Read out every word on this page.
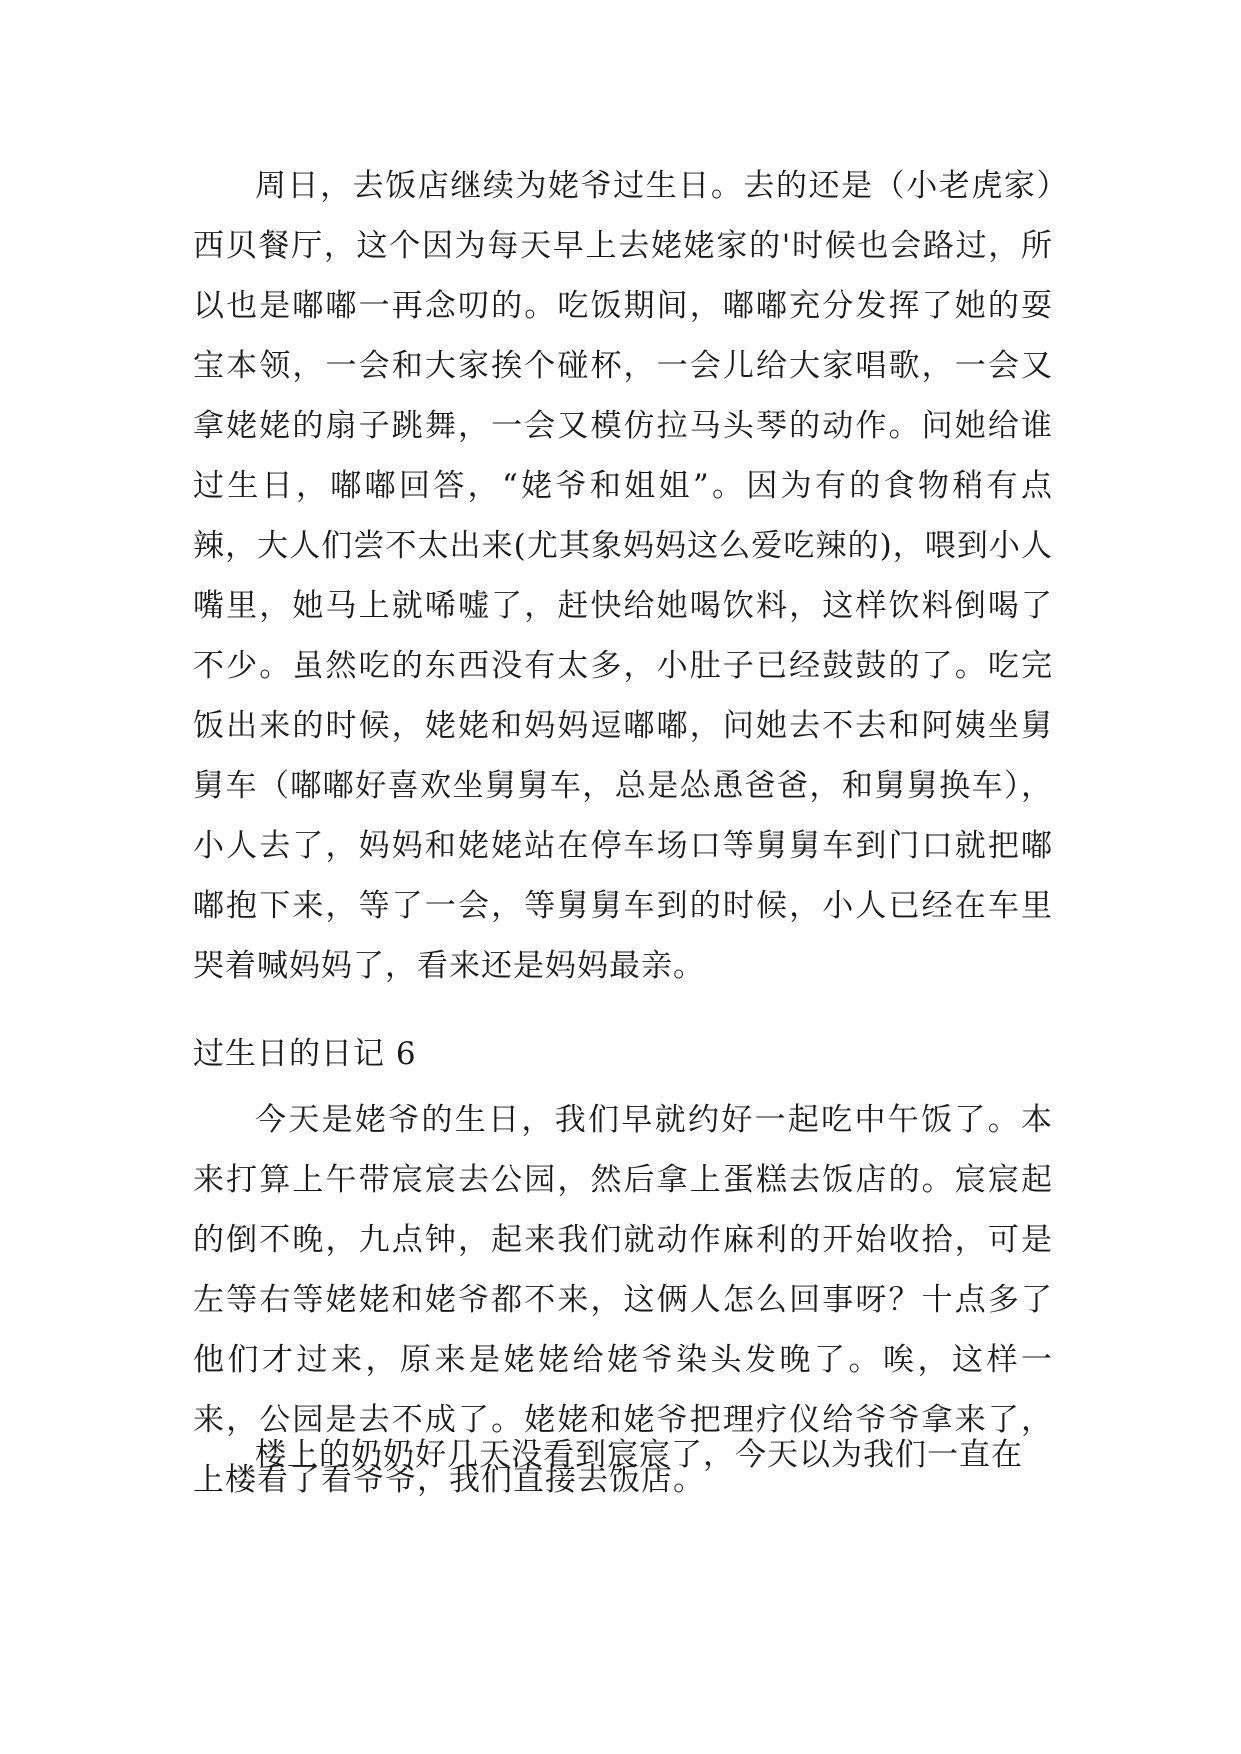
周日，去饭店继续为姥爷过生日。去的还是（小老虎家）西贝餐厅，这个因为每天早上去姥姥家的'时候也会路过，所以也是嘟嘟一再念叨的。吃饭期间，嘟嘟充分发挥了她的耍宝本领，一会和大家挨个碰杯，一会儿给大家唱歌，一会又拿姥姥的扇子跳舞，一会又模仿拉马头琴的动作。问她给谁过生日，嘟嘟回答，“姥爷和姐姐”。因为有的食物稍有点辣，大人们尝不太出来(尤其象妈妈这么爱吃辣的)，喂到小人嘴里，她马上就唏嘘了，赶快给她喝饮料，这样饮料倒喝了不少。虽然吃的东西没有太多，小肚子已经鼓鼓的了。吃完饭出来的时候，姥姥和妈妈逗嘟嘟，问她去不去和阿姨坐舅舅车（嘟嘟好喜欢坐舅舅车，总是怂恿爸爸，和舅舅换车），小人去了，妈妈和姥姥站在停车场口等舅舅车到门口就把嘟嘟抱下来，等了一会，等舅舅车到的时候，小人已经在车里哭着喊妈妈了，看来还是妈妈最亲。

过生日的日记 6

今天是姥爷的生日，我们早就约好一起吃中午饭了。本来打算上午带宸宸去公园，然后拿上蛋糕去饭店的。宸宸起的倒不晚，九点钟，起来我们就动作麻利的开始收拾，可是左等右等姥姥和姥爷都不来，这俩人怎么回事呀？十点多了他们才过来，原来是姥姥给姥爷染头发晚了。唉，这样一来，公园是去不成了。姥姥和姥爷把理疗仪给爷爷拿来了，上楼看了看爷爷，我们直接去饭店。

楼上的奶奶好几天没看到宸宸了，今天以为我们一直在
